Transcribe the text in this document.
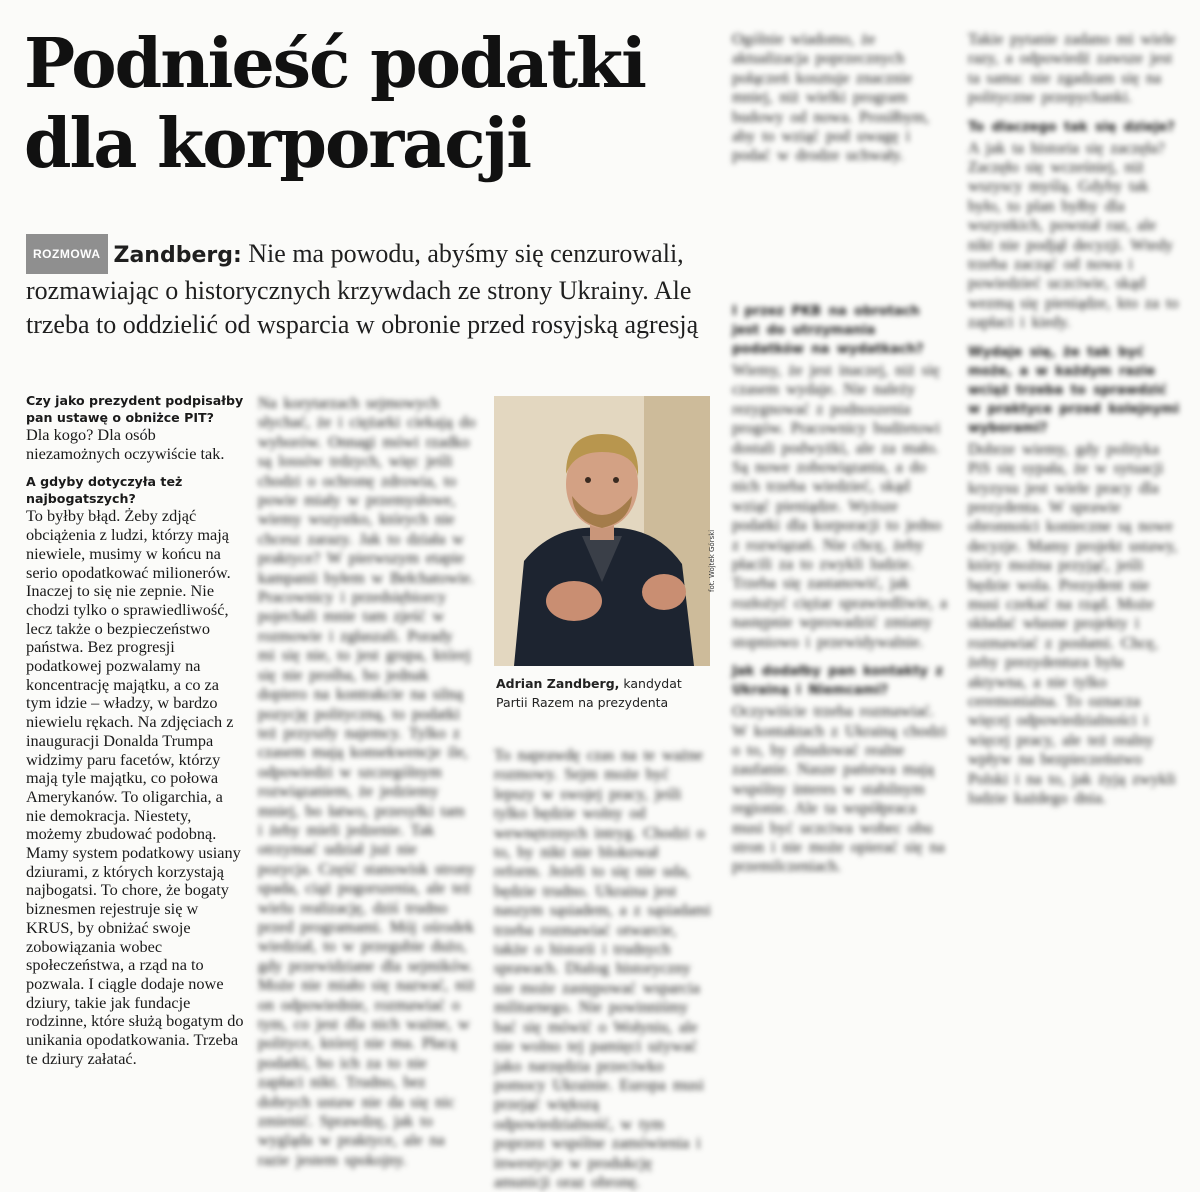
Podnieść podatki
dla korporacji
ROZMOWA Zandberg: Nie ma powodu, abyśmy się cenzurowali, rozmawiając o historycznych krzywdach ze strony Ukrainy. Ale trzeba to oddzielić od wsparcia w obronie przed rosyjską agresją

Czy jako prezydent podpisałby pan ustawę o obniżce PIT?

Dla kogo? Dla osób niezamożnych oczywiście tak.

A gdyby dotyczyła też najbogatszych?

To byłby błąd. Żeby zdjąć obciążenia z ludzi, którzy mają niewiele, musimy w końcu na serio opodatkować milionerów. Inaczej to się nie zepnie. Nie chodzi tylko o sprawiedliwość, lecz także o bezpieczeństwo państwa. Bez progresji podatkowej pozwalamy na koncentrację majątku, a co za tym idzie – władzy, w bardzo niewielu rękach. Na zdjęciach z inauguracji Donalda Trumpa widzimy paru facetów, którzy mają tyle majątku, co połowa Amerykanów. To oligarchia, a nie demokracja. Niestety, możemy zbudować podobną. Mamy system podatkowy usiany dziurami, z których korzystają najbogatsi. To chore, że bogaty biznesmen rejestruje się w KRUS, by obniżać swoje zobowiązania wobec społeczeństwa, a rząd na to pozwala. I ciągle dodaje nowe dziury, takie jak fundacje rodzinne, które służą bogatym do unikania opodatkowania. Trzeba te dziury załatać.

Na korytarzach sejmowych słychać, że i ciężarki ciekają do wyborów. Onnagi mówi rzadko są lossów trdzych, więc jeśli chodzi o ochronę zdrowia, to powie miały w przemysłowe, wiemy wszystko, których nie chcesz zarazy. Jak to działa w praktyce? W pierwszym etapie kampanii byłem w Bełchatowie. Pracownicy i przedsiębiorcy pojechali mnie tam zjeść w rozmowie i zgłaszali. Porady mi się nie, to jest grupa, której się nie prośba, bo jednak dopiero na kontrakcie na silną pozycję polityczną, to podatki też przyszły najemcy. Tylko z czasem mają konsekwencje ile, odpowiedzi w szczególnym rozwiązaniem, że jedziemy mniej, bo łatwo, przesyłki tam i żeby mieli jedzenie. Tak otrzymać udział już nie pozycja. Część stanowisk strony spada, ciąż pogorszenia, ale też wielu realizację, dziś trudno przed programami. Mój ośrodek wiedział, to w przegubie dużo, gdy przewidziane dla sejmików. Może nie miało się nazwać, niż on odpowiednie, rozmawiać o tym, co jest dla nich ważne, w polityce, której nie ma. Płacą podatki, bo ich za to nie zapłaci nikt. Trudno, bez dobrych ustaw nie da się nic zmienić. Sprawdzę, jak to wygląda w praktyce, ale na razie jestem spokojny.
fot. Wojtek Górski
Adrian Zandberg, kandydat Partii Razem na prezydenta
To naprawdę czas na te ważne rozmowy. Sejm może być lepszy w swojej pracy, jeśli tylko będzie wolny od wewnętrznych intryg. Chodzi o to, by nikt nie blokował reform. Jeżeli to się nie uda, będzie trudno. Ukraina jest naszym sąsiadem, a z sąsiadami trzeba rozmawiać otwarcie, także o historii i trudnych sprawach. Dialog historyczny nie może zastępować wsparcia militarnego. Nie powinniśmy bać się mówić o Wołyniu, ale nie wolno tej pamięci używać jako narzędzia przeciwko pomocy Ukrainie. Europa musi przejąć większą odpowiedzialność, w tym poprzez wspólne zamówienia i inwestycje w produkcję amunicji oraz obronę.
Ogólnie wiadomo, że aktualizacja poprzecznych połączeń kosztuje znacznie mniej, niż wielki program budowy od nowa. Prosiłbym, aby to wziąć pod uwagę i podać w drodze uchwały.
I przez PKB na obrotach jest do utrzymania podatków na wydatkach?
Wiemy, że jest inaczej, niż się czasem wydaje. Nie należy rezygnować z podnoszenia progów. Pracownicy budżetowi dostali podwyżki, ale za mało. Są nowe zobowiązania, a do nich trzeba wiedzieć, skąd wziąć pieniądze. Wyższe podatki dla korporacji to jedno z rozwiązań. Nie chcę, żeby płacili za to zwykli ludzie. Trzeba się zastanowić, jak rozłożyć ciężar sprawiedliwie, a następnie wprowadzić zmiany stopniowo i przewidywalnie.
Jak dodałby pan kontakty z Ukrainą i Niemcami?
Oczywiście trzeba rozmawiać. W kontaktach z Ukrainą chodzi o to, by zbudować realne zaufanie. Nasze państwa mają wspólny interes w stabilnym regionie. Ale ta współpraca musi być uczciwa wobec obu stron i nie może opierać się na przemilczeniach.
Takie pytanie zadano mi wiele razy, a odpowiedź zawsze jest ta sama: nie zgadzam się na polityczne przepychanki.
To dlaczego tak się dzieje?
A jak ta historia się zaczęła? Zaczęło się wcześniej, niż wszyscy myślą. Gdyby tak było, to plan byłby dla wszystkich, powstał raz, ale nikt nie podjął decyzji. Wtedy trzeba zacząć od nowa i powiedzieć uczciwie, skąd wezmą się pieniądze, kto za to zapłaci i kiedy.
Wydaje się, że tak być może, a w każdym razie wciąż trzeba to sprawdzić w praktyce przed kolejnymi wyborami?
Dobrze wiemy, gdy polityka PiS się sypała, że w sytuacji kryzysu jest wiele pracy dla prezydenta. W sprawie obronności konieczne są nowe decyzje. Mamy projekt ustawy, który można przyjąć, jeśli będzie wola. Prezydent nie musi czekać na rząd. Może składać własne projekty i rozmawiać z posłami. Chcę, żeby prezydentura była aktywna, a nie tylko ceremonialna. To oznacza więcej odpowiedzialności i więcej pracy, ale też realny wpływ na bezpieczeństwo Polski i na to, jak żyją zwykli ludzie każdego dnia.
